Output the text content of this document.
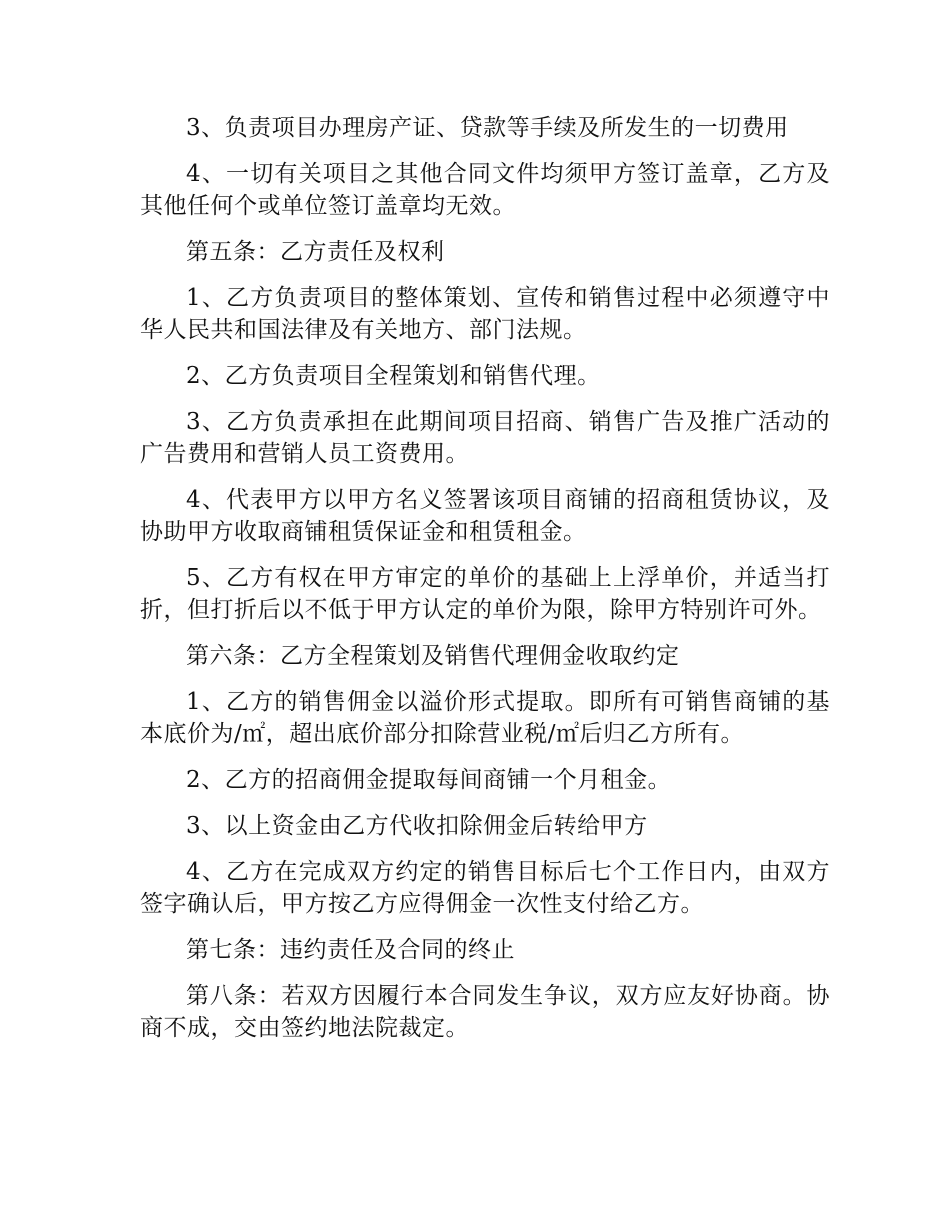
3、负责项目办理房产证、贷款等手续及所发生的一切费用

4、一切有关项目之其他合同文件均须甲方签订盖章，乙方及其他任何个或单位签订盖章均无效。

第五条：乙方责任及权利

1、乙方负责项目的整体策划、宣传和销售过程中必须遵守中华人民共和国法律及有关地方、部门法规。

2、乙方负责项目全程策划和销售代理。

3、乙方负责承担在此期间项目招商、销售广告及推广活动的广告费用和营销人员工资费用。

4、代表甲方以甲方名义签署该项目商铺的招商租赁协议，及协助甲方收取商铺租赁保证金和租赁租金。

5、乙方有权在甲方审定的单价的基础上上浮单价，并适当打折，但打折后以不低于甲方认定的单价为限，除甲方特别许可外。

第六条：乙方全程策划及销售代理佣金收取约定

1、乙方的销售佣金以溢价形式提取。即所有可销售商铺的基本底价为/㎡，超出底价部分扣除营业税/㎡后归乙方所有。

2、乙方的招商佣金提取每间商铺一个月租金。

3、以上资金由乙方代收扣除佣金后转给甲方

4、乙方在完成双方约定的销售目标后七个工作日内，由双方签字确认后，甲方按乙方应得佣金一次性支付给乙方。

第七条：违约责任及合同的终止

第八条：若双方因履行本合同发生争议，双方应友好协商。协商不成，交由签约地法院裁定。
